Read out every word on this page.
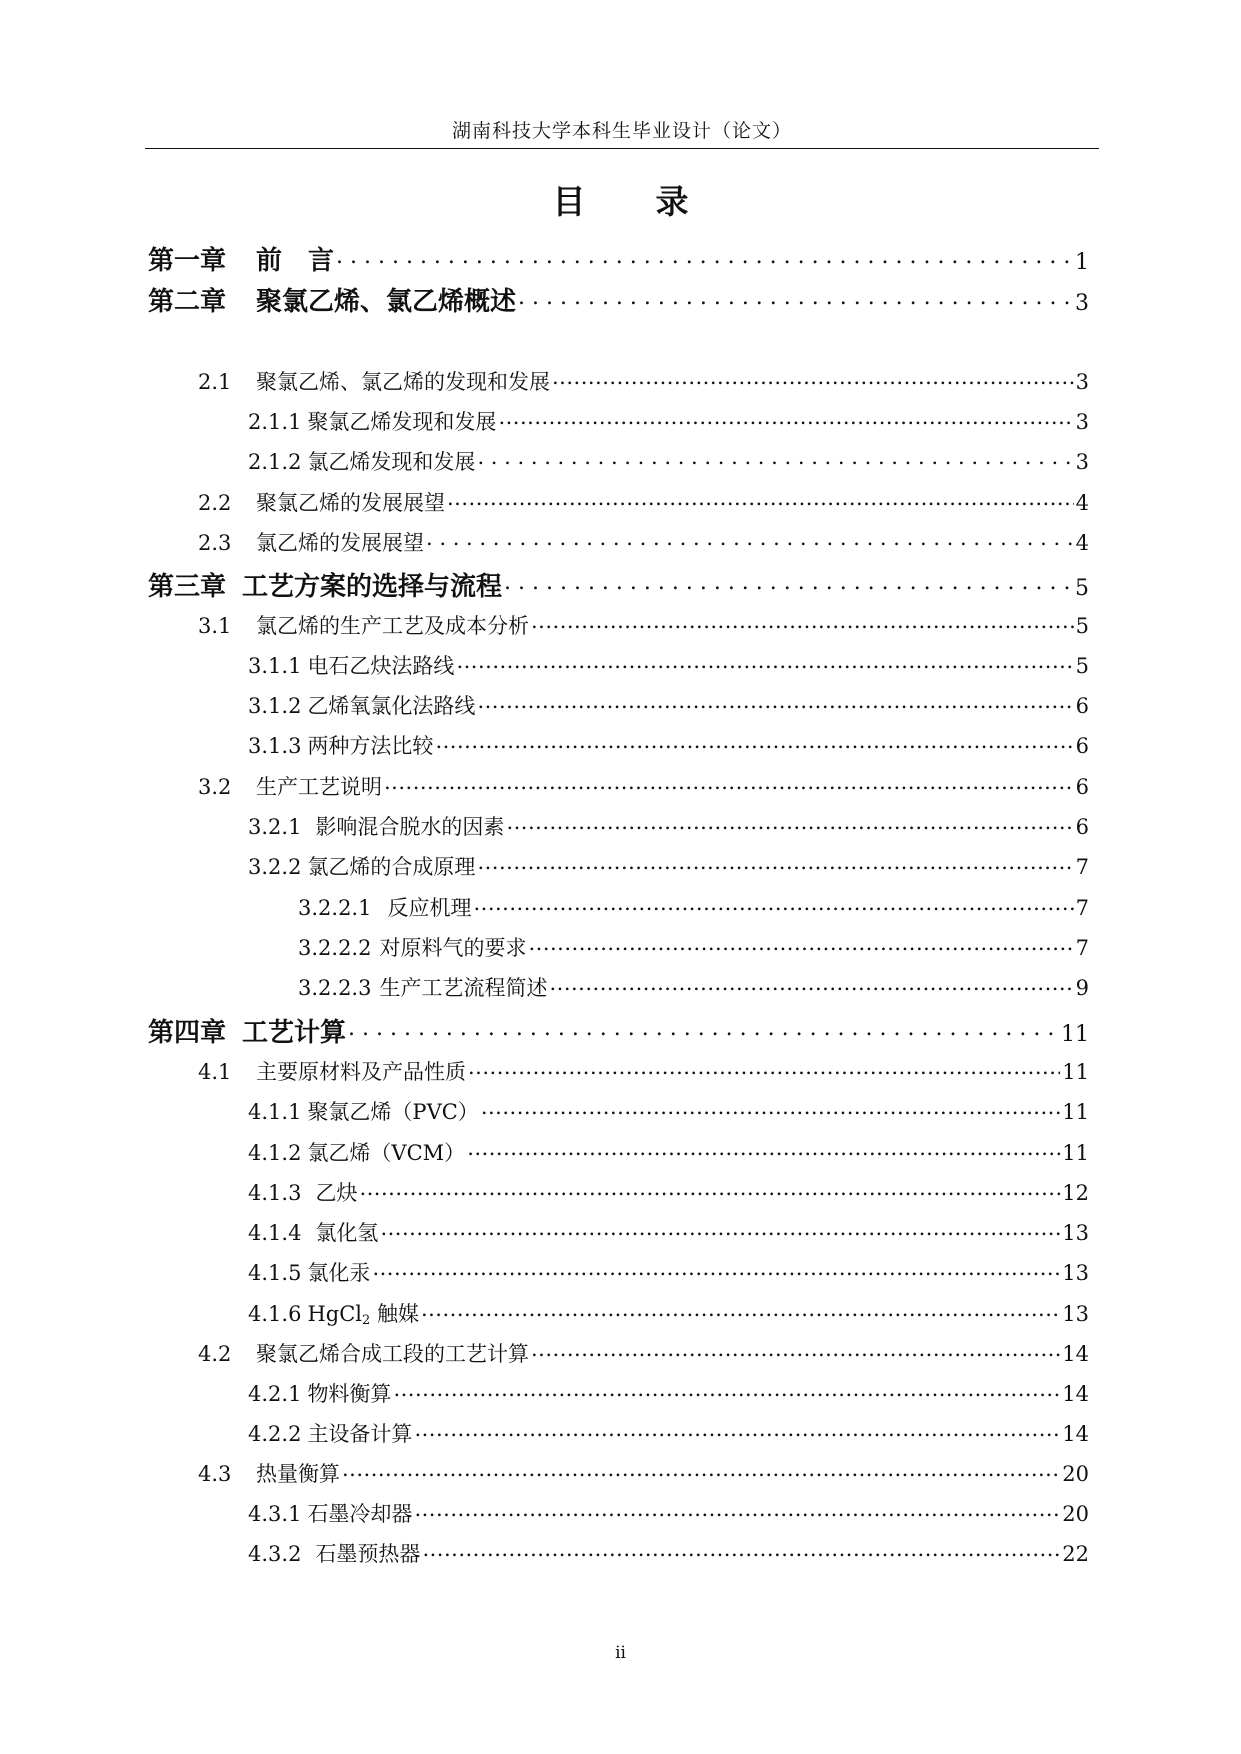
湖南科技大学本科生毕业设计（论文）
目 录
第一章 前　言 . . .	1
第二章 聚氯乙烯、氯乙烯概述 . . .	3
2.1	聚氯乙烯、氯乙烯的发现和发展 .....	3
2.1.1 聚氯乙烯发现和发展 .....	3
2.1.2 氯乙烯发现和发展 . . .	3
2.2	聚氯乙烯的发展展望 .....	4
2.3	氯乙烯的发展展望 . . .	4
第三章 工艺方案的选择与流程 . . .	5
3.1	氯乙烯的生产工艺及成本分析 .....	5
3.1.1 电石乙炔法路线 .....	5
3.1.2 乙烯氧氯化法路线 .....	6
3.1.3 两种方法比较 .....	6
3.2	生产工艺说明 .....	6
3.2.1 影响混合脱水的因素 .....	6
3.2.2 氯乙烯的合成原理 .....	7
3.2.2.1 反应机理 .....	7
3.2.2.2 对原料气的要求 .....	7
3.2.2.3 生产工艺流程简述 .....	9
第四章 工艺计算 . . .	11
4.1	主要原材料及产品性质 .....	11
4.1.1 聚氯乙烯（PVC） .....	11
4.1.2 氯乙烯（VCM） .....	11
4.1.3 乙炔 .....	12
4.1.4 氯化氢 .....	13
4.1.5 氯化汞 .....	13
4.1.6 HgCl$_2$ 触媒 .....	13
4.2	聚氯乙烯合成工段的工艺计算 .....	14
4.2.1 物料衡算 .....	14
4.2.2 主设备计算 .....	14
4.3	热量衡算 .....	20
4.3.1 石墨冷却器 .....	20
4.3.2 石墨预热器 .....	22
ii
